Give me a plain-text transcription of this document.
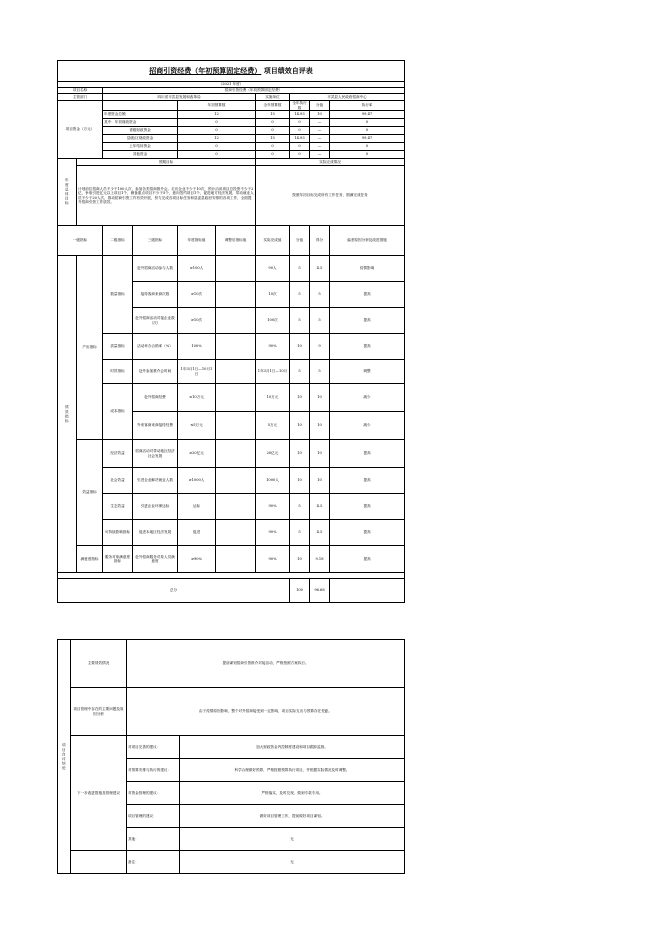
招商引资经费（年初预算固定经费） 项目绩效自评表									
（2021 年度）									
项目名称		招商引资经费（年初预算固定经费）							
主管部门		四川省平武县发展和改革局				实施单位	平武县人民政府招商中心		
项目资金（万元）				年初预算数		全年预算数	全年执行数	分值	执行率
		年度资金总额		12		15	14.93	10	99.47
		其中：年初财政资金		0		0	0	—	0
		省级财政资金		0		0	0	—	0
		县级/区财政资金		12		15	14.93	—	99.47
		上年结转资金		0		0	0	—	0
		其他资金		0		0	0	—	0
年度总体目标	预期目标					实际完成情况			
	计划前往招商人员不少于100人次，参加各类招商推介会。走访企业不少于10次，预计洽谈项目总投资不少于2亿，争取引进亿元以上项目1个，储备重点项目不少于5个，意向签约项目1个，促进地方经济发展，带动就业人员不少于20人次，推动招商引资工作有效开展，努力完成各项目标任务和县委县政府安排的各项工作，全面提升招商引资工作质效。					按照年初目标完成所有工作任务，圆满完成任务			
一级指标		二级指标	三级指标	年度指标值	调整后指标值	实际完成值	分值	得分	偏差原因分析及改进措施
绩效指标	产出指标	数量指标	赴外招商活动参与人数	≥100人		90人	5	4.5	疫情影响
			接待客商来商次数	≥10次		10次	5	5	提高
			赴外招商活动对接企业数（次）	≥10次		100次	5	5	提高
		质量指标	活动举办合格率（%）	100%		90%	10	9	提高
		时效指标	赴外参加推介会时间	1年3月1日—10月1日		1年3月1日—10月	5	5	调整
		成本指标	赴外招商经费	≤10万元		10万元	10	10	减少
			外来客商来商接待经费	≤5万元		5万元	10	10	减少
	效益指标	经济效益	招商活动对带动地区经济社会发展	≥20亿元		20亿元	10	10	提高
		社会效益	引进企业解决就业人数	≥1000人		1000人	10	10	提高
		生态效益	引进企业环保达标	达标		90%	5	4.5	提高
		可持续影响指标	促进本地区经济发展	促进		90%	5	4.5	提高
	满意度指标	服务对象满意度指标	赴外招商服务对象人员满意度	≥90%		90%	10	9.18	提高

总分							100	96.68	
项目自评结论	主要绩效情况	提前谋划招商引资推介对接活动，严格按照方案执行。	
	项目管理中存在的主要问题及原因分析	由于疫情原因影响，整个对外招商接受到一定影响，项目实际支出与预算存在差距。	
	下一步改进措施及管理建议	对项目完善的建议：	加大财政资金内控制度建设和项目跟踪监督。
		对预算安排与执行的建议：	科学合理做好预算，严格按照预算执行项目，并根据实际情况及时调整。
		对资金管理的建议：	严格落实，及时兑现，做到专款专用。
		项目管理的建议：	做好项目管理工作，提前做好项目谋划。
		其他：	无
		备注：	无
